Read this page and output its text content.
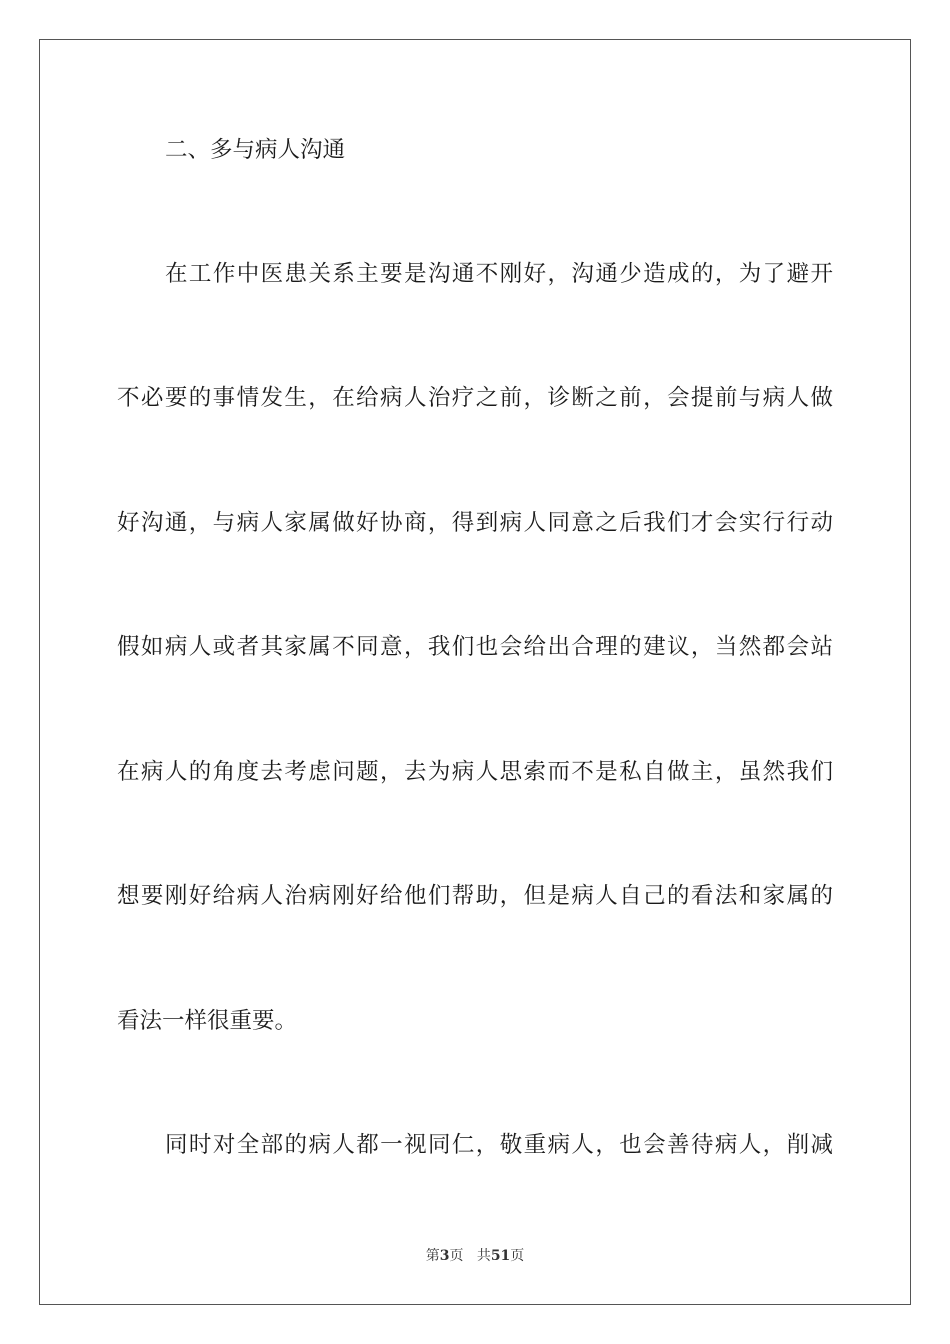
二、多与病人沟通
在工作中医患关系主要是沟通不刚好，沟通少造成的，为了避开
不必要的事情发生，在给病人治疗之前，诊断之前，会提前与病人做
好沟通，与病人家属做好协商，得到病人同意之后我们才会实行行动
假如病人或者其家属不同意，我们也会给出合理的建议，当然都会站
在病人的角度去考虑问题，去为病人思索而不是私自做主，虽然我们
想要刚好给病人治病刚好给他们帮助，但是病人自己的看法和家属的
看法一样很重要。
同时对全部的病人都一视同仁，敬重病人，也会善待病人，削减
第3页 共51页
